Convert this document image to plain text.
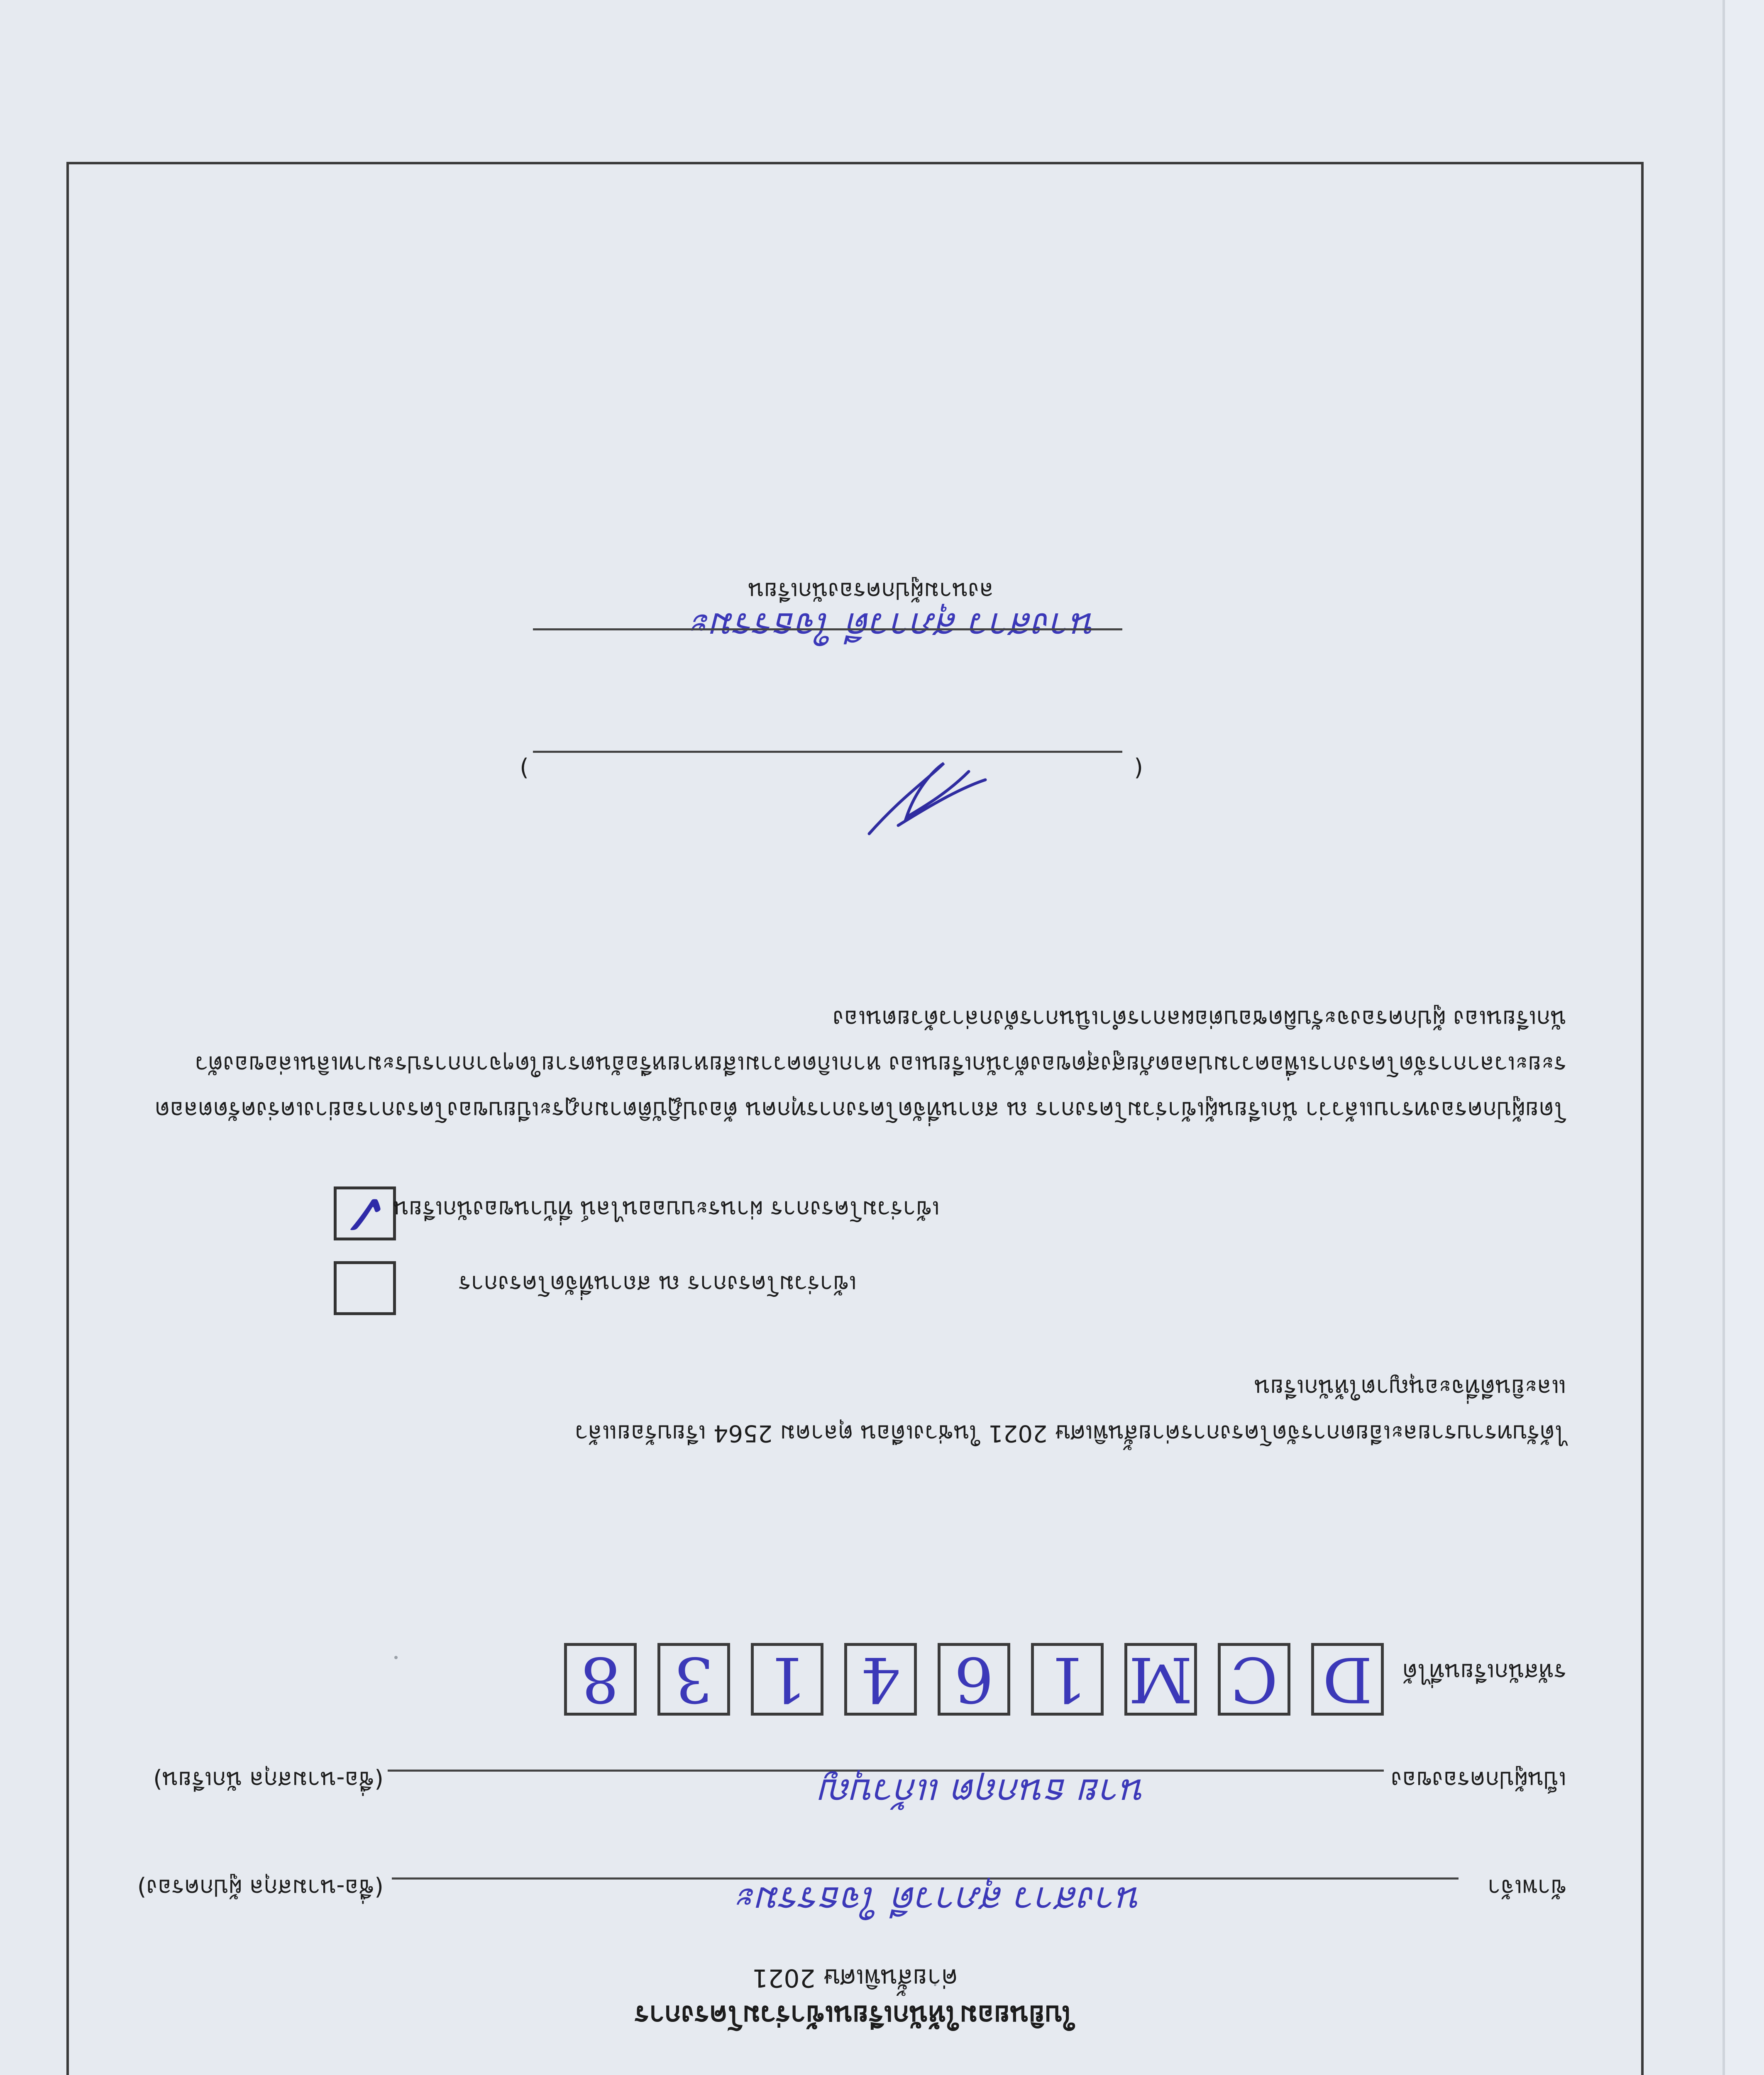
ใบยินยอมให้นักเรียนเข้าร่วมโครงการ
ค่ายสั้นพิเศษ 2021
ข้าพเจ้า
นางสาว สุภาวดี ใจธรรมะ
(ชื่อ-นามสกุล ผู้ปกครอง)
เป็นผู้ปกครองของ
นาย ธนกฤต แก้วบุญ
(ชื่อ-นามสกุล นักเรียน)
รหัสนักเรียนที่ได้
D
C
M
1
6
4
1
3
8
ได้รับทราบรายละเอียดการจัดโครงการค่ายสั้นพิเศษ 2021 ในช่วงเดือน ตุลาคม 2564 เรียบร้อยแล้ว
และยินดีที่จะอนุญาตให้นักเรียน
เข้าร่วมโครงการ ณ สถานที่จัดโครงการ
✓ เข้าร่วมโครงการ ผ่านระบบออนไลน์ ที่บ้านของนักเรียน
โดยผู้ปกครองทราบแล้วว่า นักเรียนผู้เข้าร่วมโครงการ ณ สถานที่จัดโครงการทุกคน ต้องปฏิบัติตามกฎระเบียบของโครงการอย่างเคร่งครัดตลอดระยะเวลาการจัดโครงการเพื่อความปลอดภัยสูงสุดของตัวนักเรียนเอง หากเกิดความเสียหายหรืออันตรายใดๆจากการประมาทเลินเล่อของตัวนักเรียนเอง ผู้ปกครองจะรับผิดชอบต่อผลการดำเนินการดังกล่าวด้วยตนเอง
(
)
นางสาว สุภาวดี ใจธรรมะ
ลงนามผู้ปกครองนักเรียน
